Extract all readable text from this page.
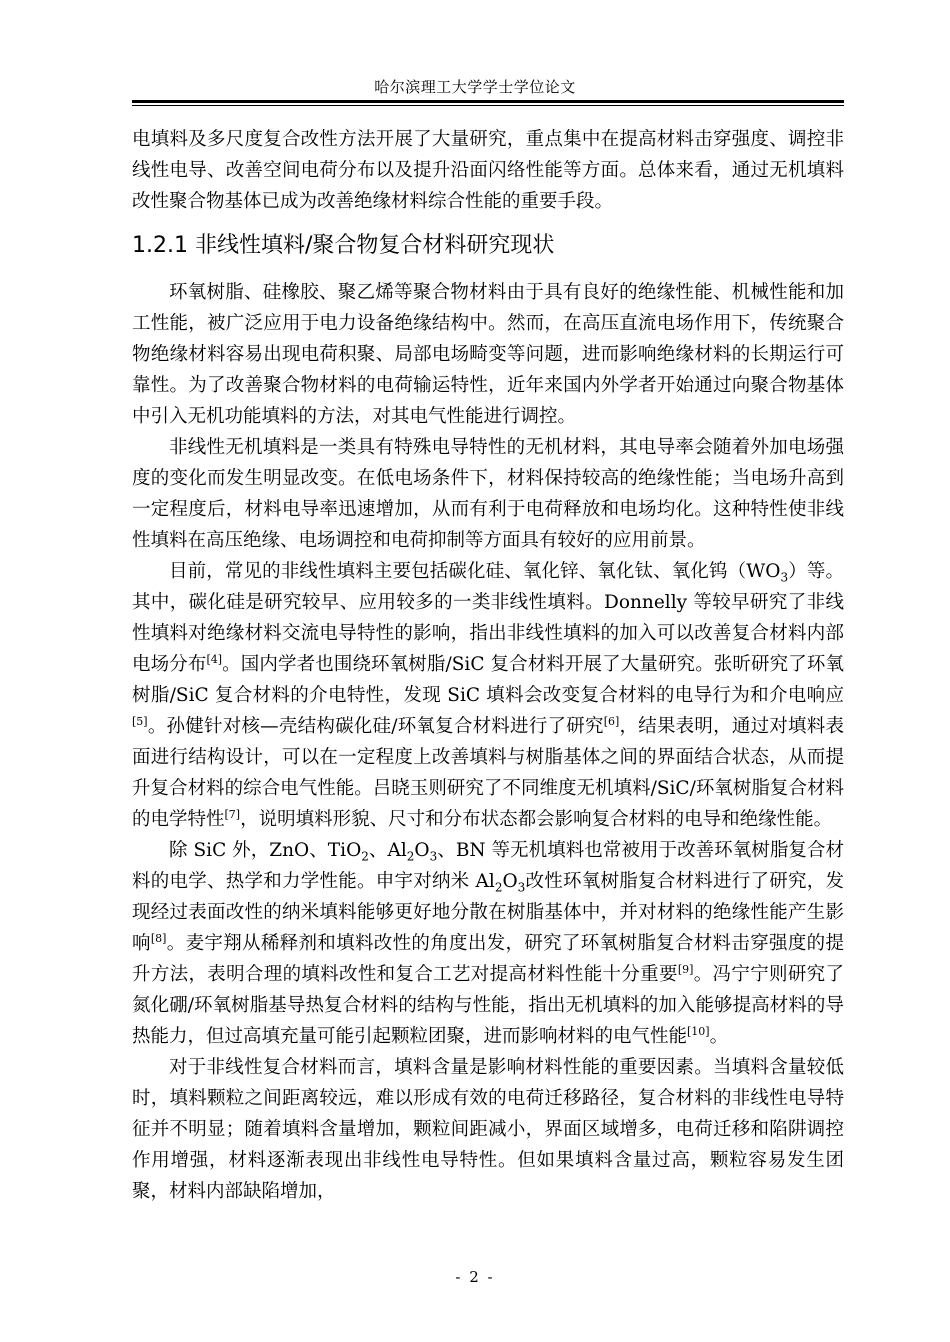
哈尔滨理工大学学士学位论文

电填料及多尺度复合改性方法开展了大量研究，重点集中在提高材料击穿强度、调控非线性电导、改善空间电荷分布以及提升沿面闪络性能等方面。总体来看，通过无机填料改性聚合物基体已成为改善绝缘材料综合性能的重要手段。

1.2.1 非线性填料/聚合物复合材料研究现状

环氧树脂、硅橡胶、聚乙烯等聚合物材料由于具有良好的绝缘性能、机械性能和加工性能，被广泛应用于电力设备绝缘结构中。然而，在高压直流电场作用下，传统聚合物绝缘材料容易出现电荷积聚、局部电场畸变等问题，进而影响绝缘材料的长期运行可靠性。为了改善聚合物材料的电荷输运特性，近年来国内外学者开始通过向聚合物基体中引入无机功能填料的方法，对其电气性能进行调控。

非线性无机填料是一类具有特殊电导特性的无机材料，其电导率会随着外加电场强度的变化而发生明显改变。在低电场条件下，材料保持较高的绝缘性能；当电场升高到一定程度后，材料电导率迅速增加，从而有利于电荷释放和电场均化。这种特性使非线性填料在高压绝缘、电场调控和电荷抑制等方面具有较好的应用前景。

目前，常见的非线性填料主要包括碳化硅、氧化锌、氧化钛、氧化钨$(WO_3)$等。其中，碳化硅是研究较早、应用较多的一类非线性填料。Donnelly 等较早研究了非线性填料对绝缘材料交流电导特性的影响，指出非线性填料的加入可以改善复合材料内部电场分布[4]。国内学者也围绕环氧树脂/SiC 复合材料开展了大量研究。张昕研究了环氧树脂/SiC 复合材料的介电特性，发现 SiC 填料会改变复合材料的电导行为和介电响应[5]。孙健针对核—壳结构碳化硅/环氧复合材料进行了研究[6]，结果表明，通过对填料表面进行结构设计，可以在一定程度上改善填料与树脂基体之间的界面结合状态，从而提升复合材料的综合电气性能。吕晓玉则研究了不同维度无机填料/SiC/环氧树脂复合材料的电学特性[7]，说明填料形貌、尺寸和分布状态都会影响复合材料的电导和绝缘性能。

除 SiC 外，ZnO、TiO$_2$、$Al_2O_3$、BN 等无机填料也常被用于改善环氧树脂复合材料的电学、热学和力学性能。申宇对纳米 $Al_2O_3$改性环氧树脂复合材料进行了研究，发现经过表面改性的纳米填料能够更好地分散在树脂基体中，并对材料的绝缘性能产生影响[8]。麦宇翔从稀释剂和填料改性的角度出发，研究了环氧树脂复合材料击穿强度的提升方法，表明合理的填料改性和复合工艺对提高材料性能十分重要[9]。冯宁宁则研究了氮化硼/环氧树脂基导热复合材料的结构与性能，指出无机填料的加入能够提高材料的导热能力，但过高填充量可能引起颗粒团聚，进而影响材料的电气性能[10]。

对于非线性复合材料而言，填料含量是影响材料性能的重要因素。当填料含量较低时，填料颗粒之间距离较远，难以形成有效的电荷迁移路径，复合材料的非线性电导特征并不明显；随着填料含量增加，颗粒间距减小，界面区域增多，电荷迁移和陷阱调控作用增强，材料逐渐表现出非线性电导特性。但如果填料含量过高，颗粒容易发生团聚，材料内部缺陷增加，

- 2 -
